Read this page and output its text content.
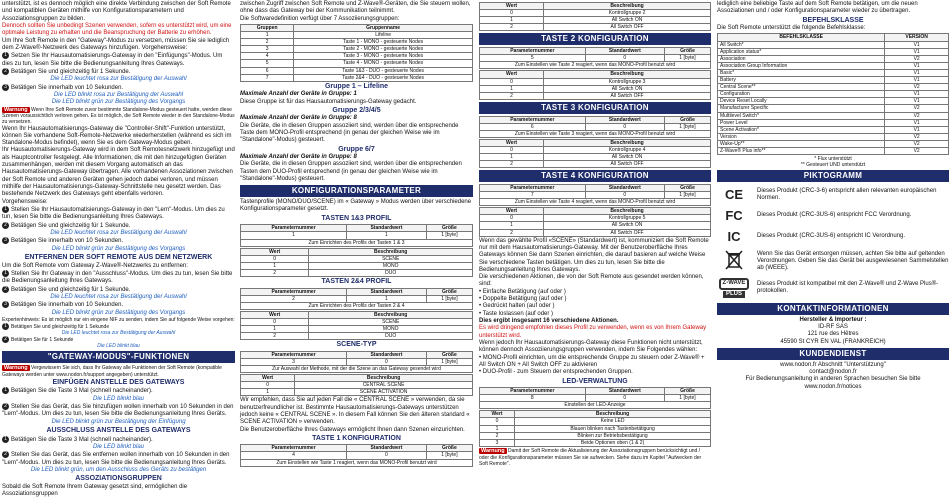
unterstützt, ist es dennoch möglich eine direkte Verbindung zwischen der Soft Remote und kompatiblen Geräten mithilfe von Konfigurationsparametern und Assoziationsgruppen zu bilden.

Dennoch sollten Sie unbedingt Szenen verwenden, sofern es unterstützt wird, um eine optimale Leistung zu erhalten und die Beanspruchung der Batterie zu erhöhen.

Um Ihre Soft Remote in den "Gateway"-Modus zu versetzen, müssen Sie sie lediglich dem Z-Wave®-Netzwerk des Gateways hinzufügen. Vorgehensweise:

1 Setzen Sie Ihr Hausautomatisierungs-Gateway in den "Einfügungs"-Modus. Um dies zu tun, lesen Sie bitte die Bedienungsanleitung Ihres Gateways.

2 Betätigen Sie und gleichzeitig für 1 Sekunde.

Die LED leuchtet rosa zur Bestätigung der Auswahl

3 Betätigen Sie innerhalb von 10 Sekunden.

Die LED blinkt rosa zur Bestätigung der Auswahl

Die LED blinkt grün zur Bestätigung des Vorgangs

Warnung Wenn Ihre Soft Remote zuvor bestimmte Standalone-Modus gesteuert hatte, werden diese Szenen voraussichtlich verloren gehen. Es ist möglich, die Soft Remote wieder in den Standalone-Modus zu versetzen.

Wenn Ihr Hausautomatisierungs-Gateway die "Controller-Shift"-Funktion unterstützt, können Sie vorhandene Soft-Remote-Netzwerke wiederherstellen (während es sich im Standalone-Modus befindet), wenn Sie es dem Gateway-Modus geben.

Ihr Hausautomatisierungs-Gateway wird in dem Soft Remotesnetzwerk hinzugefügt und als Hauptcontroller festgelegt. Alle Informationen, die mit den hinzugefügten Geräten zusammenhängen, werden mit diesem Vorgang automatisch an das Hausautomatisierungs-Gateway übertragen. Alle vorhandenen Assoziationen zwischen der Soft Remote und anderen Geräten gehen jedoch dabei verloren, und müssen mithilfe der Hausautomatisierungs-Gateway-Schnittstelle neu gesetzt werden. Das bestehende Netzwerk des Gateways geht ebenfalls verloren.

Vorgehensweise:

1 Stellen Sie Ihr Hausautomatisierungs-Gateway in den "Lern"-Modus. Um dies zu tun, lesen Sie bitte die Bedienungsanleitung Ihres Gateways.

2 Betätigen Sie und gleichzeitig für 1 Sekunde.

Die LED leuchtet rosa zur Bestätigung der Auswahl

3 Betätigen Sie innerhalb von 10 Sekunden.

Die LED blinkt grün zur Bestätigung des Vorgangs

ENTFERNEN DER SOFT REMOTE AUS DEM NETZWERK

Um die Soft Remote vom Gateway Z-Wave®-Netzwerks zu entfernen:

1 Stellen Sie Ihr Gateway in den "Ausschluss"-Modus. Um dies zu tun, lesen Sie bitte die Bedienungsanleitung Ihres Gateways.

2 Betätigen Sie und gleichzeitig für 1 Sekunde.

Die LED leuchtet rosa zur Bestätigung der Auswahl

3 Betätigen Sie innerhalb von 10 Sekunden.

Die LED blinkt grün zur Bestätigung des Vorgangs

Expertenhinweis: Es ist möglich nur ein eingene NIF zu senden, indem Sie auf folgende Weise vorgehen:

1 Betätigen Sie und gleichzeitig für 1 Sekunde

Die LED leuchtet rosa zur Bestätigung der Auswahl

2 Betätigen Sie für 1 Sekunde

Die LED blinkt blau

"GATEWAY-MODUS"-FUNKTIONEN

Warnung Vergewissern Sie sich, dass Ihr Gateway alle Funktionen der Soft Remote (kompatible Gateways werden unter www.nodon.fr/support angegeben) unterstützt.

EINFÜGEN ANSTELLE DES GATEWAYS

1 Betätigen Sie die Taste 3 Mal (schnell nacheinander).

Die LED blinkt blau

2 Stellen Sie das Gerät, das Sie hinzufügen wollen innerhalb von 10 Sekunden in den "Lern"-Modus. Um dies zu tun, lesen Sie bitte die Bedienungsanleitung Ihres Geräts.

Die LED blinkt grün zur Bestätigung der Einfügung

AUSSCHLUSS ANSTELLE DES GATEWAYS

1 Betätigen Sie die Taste 3 Mal (schnell nacheinander).

Die LED blinkt blau

2 Stellen Sie das Gerät, das Sie entfernen wollen innerhalb von 10 Sekunden in den "Lern"-Modus. Um dies zu tun, lesen Sie bitte die Bedienungsanleitung Ihres Geräts.

Die LED blinkt grün, um den Ausschluss des Geräts zu bestätigen

ASSOZIATIONSGRUPPEN

Sobald die Soft Remote Ihrem Gateway gesetzt sind, ermöglichen die Assoziationsgruppen

zwischen Zugriff zwischen Soft Remote und Z-Wave®-Geräten, die Sie steuern wollen, ohne dass das Gateway bei der Kommunikation teilnimmt.

Die Softwaredefinition verfügt über 7 Assoziierungsgruppen:

Gruppen	Gruppenname
1	Lifeline
2	Taste 1 - MONO - gesteuerte Nodes
3	Taste 2 - MONO - gesteuerte Nodes
4	Taste 3 - MONO - gesteuerte Nodes
5	Taste 4 - MONO - gesteuerte Nodes
6	Taste 1&3 - DUO - gesteuerte Nodes
7	Taste 2&4 - DUO - gesteuerte Nodes

Gruppe 1 – Lifeline

Maximale Anzahl der Geräte in Gruppe: 1

Diese Gruppe ist für das Hausautomatisierungs-Gateway gedacht.

Gruppe 2/3/4/5

Maximale Anzahl der Geräte in Gruppe: 8

Die Geräte, die in diesen Gruppen assoziiert sind, werden über die entsprechende Taste dem MONO-Profil entsprechend (in genau der gleichen Weise wie im "Standalone"-Modus) gesteuert.

Gruppe 6/7

Maximale Anzahl der Geräte in Gruppe: 8

Die Geräte, die in diesen Gruppen assoziiert sind, werden über die entsprechenden Tasten dem DUO-Profil entsprechend (in genau der gleichen Weise wie im "Standalone"-Modus) gesteuert.

KONFIGURATIONSPARAMETER

Tastenprofile (MONO/DUO/SCENE) im « Gateway » Modus werden über verschiedene Konfigurationsparameter gesetzt.

TASTEN 1&3 PROFIL

Parameternummer	Standardwert	Größe
1	1	1 [byte]
Zum Einrichten des Profils der Tasten 1 & 3		
Wert	Beschreibung
0	SCENE
1	MONO
2	DUO

TASTEN 2&4 PROFIL

Parameternummer	Standardwert	Größe
2	1	1 [byte]
Zum Einrichten des Profils der Tasten 2 & 4		
Wert	Beschreibung
0	SCENE
1	MONO
2	DUO

SCENE-TYP

Parameternummer	Standardwert	Größe
3	0	1 [byte]
Zur Auswahl der Methode, mit der die Szene an das Gateway gesendet wird		
Wert	Beschreibung
0	CENTRAL SCENE
1	SCENE ACTIVATION

Wir empfehlen, dass Sie auf jeden Fall die « CENTRAL SCENE » verwenden, da sie benutzerfreundlicher ist. Bestimmte Hausautomatisierungs-Gateways unterstützen jedoch keine « CENTRAL SCENE ». In diesem Fall können Sie den älteren standard « SCENE ACTIVATION » verwenden.

Die Benutzeroberfläche Ihres Gateways ermöglicht Ihnen dann Szenen einzurichten.

TASTE 1 KONFIGURATION

Parameternummer	Standardwert	Größe
4	0	1 [byte]
Zum Einstellen wie Taste 1 reagiert, wenn das MONO-Profil benutzt wird		
Wert	Beschreibung
0	Kontrollgruppe 2
1	All Switch ON
2	All Switch OFF
TASTE 2 KONFIGURATION
Parameternummer	Standardwert	Größe
5	0	1 [byte]
Zum Einstellen wie Taste 2 reagiert, wenn das MONO-Profil benutzt wird		
Wert	Beschreibung
0	Kontrollgruppe 3
1	All Switch ON
2	All Switch OFF
TASTE 3 KONFIGURATION
Parameternummer	Standardwert	Größe
6	0	1 [byte]
Zum Einstellen wie Taste 3 reagiert, wenn das MONO-Profil benutzt wird		
Wert	Beschreibung
0	Kontrollgruppe 4
1	All Switch ON
2	All Switch OFF
TASTE 4 KONFIGURATION
Parameternummer	Standardwert	Größe
7	0	1 [byte]
Zum Einstellen wie Taste 4 reagiert, wenn das MONO-Profil benutzt wird		
Wert	Beschreibung
0	Kontrollgruppe 5
1	All Switch ON
2	All Switch OFF

Wenn das gewählte Profil «SCENE» (Standardwert) ist, kommuniziert die Soft Remote nur mit dem Hausautomatisierungs-Gateway. Mit der Benutzeroberfläche Ihres Gateways können Sie dann Szenen einrichten, die darauf basieren auf welche Weise Sie verschiedene Tasten betätigen. Um dies zu tun, lesen Sie bitte die Bedienungsanleitung Ihres Gateways.

Die verschiedenen Aktionen, die von der Soft Remote aus gesendet werden können, sind:

• Einfache Betätigung (auf oder )

• Doppelte Betätigung (auf oder )

• Gedrückt halten (auf oder )

• Taste loslassen (auf oder )

Dies ergibt insgesamt 16 verschiedene Aktionen.

Es wird dringend empfohlen dieses Profil zu verwenden, wenn es von Ihrem Gateway unterstützt wird.

Wenn jedoch Ihr Hausautomatisierungs-Gateway diese Funktionen nicht unterstützt, können dennoch Assoziierungsgruppen verwenden, indem Sie Folgendes wählen:

• MONO-Profil einrichten, um die entsprechende Gruppe zu steuern oder Z-Wave® + All Switch ON + All Switch OFF zu aktivieren

• DUO-Profil - zum Steuern der entsprechenden Gruppen.

LED-VERWALTUNG

Parameternummer	Standardwert	Größe
8	0	1 [byte]
Einstellen der LED-Anzeige		
Wert	Beschreibung
0	Keine LED
1	Blauen blinken nach Tastenbetätigung
2	Blinken zur Betriebsbestätigung
3	Beide Optionen oben (1 & 2)

Warnung Damit der Soft Remote die Aktualisierung der Assoziationsgruppen berücksichtigt und / oder die Konfigurationsparameter müssen Sie sie aufwecken. Siehe dazu im Kapitel "Aufwecken der Soft Remote".

lediglich eine beliebige Taste auf dem Soft Remote betätigen, um die neuen Assoziationen und / oder Konfigurationsparameter wieder zu übertragen.

BEFEHLSKLASSE

Die Soft Remote unterstützt die folgende Befehlsklasse:

BEFEHLSKLASSE	VERSION
All Switch*	V1
Application status*	V1
Association	V2
Association Group Information	V1
Basic*	V1
Battery	V1
Central Scene**	V2
Configuration	V1
Device Reset Locally	V1
Manufacturer Specific	V2
Multilevel Switch*	V2
Power Level	V1
Scene Activation*	V1
Version	V2
Wake-Up**	V2
Z-Wave® Plus info**	V2

* Flux unterstützt

** Gesteuert UND unterstützt

PIKTOGRAMM
CE	Dieses Produkt (CRC-3-6) entspricht allen relevanten europäischen Normen.
FC	Dieses Produkt (CRC-3US-6) entspricht FCC Verordnung.
IC	Dieses Produkt (CRC-3US-6) entspricht IC Verordnung.
Wenn Sie das Gerät entsorgen müssen, achten Sie bitte auf geltenden Verordnungen. Geben Sie das Gerät bei ausgewiesenen Sammelstellen ab (WEEE).
Z-WAVE
PLUS
Dieses Produkt ist kompatibel mit den Z-Wave® und Z-Wave Plus®-protokollen.
KONTAKTINFORMATIONEN

Hersteller & Importeur :

ID-RF SAS

121 rue des Hêtres

45590 St CYR EN VAL (FRANKREICH)

KUNDENDIENST

www.nodon.fr Abschnitt "Unterstützung"

contact@nodon.fr

Für Bedienungsanleitung in anderen Sprachen besuchen Sie bitte

www.nodon.fr/notices
